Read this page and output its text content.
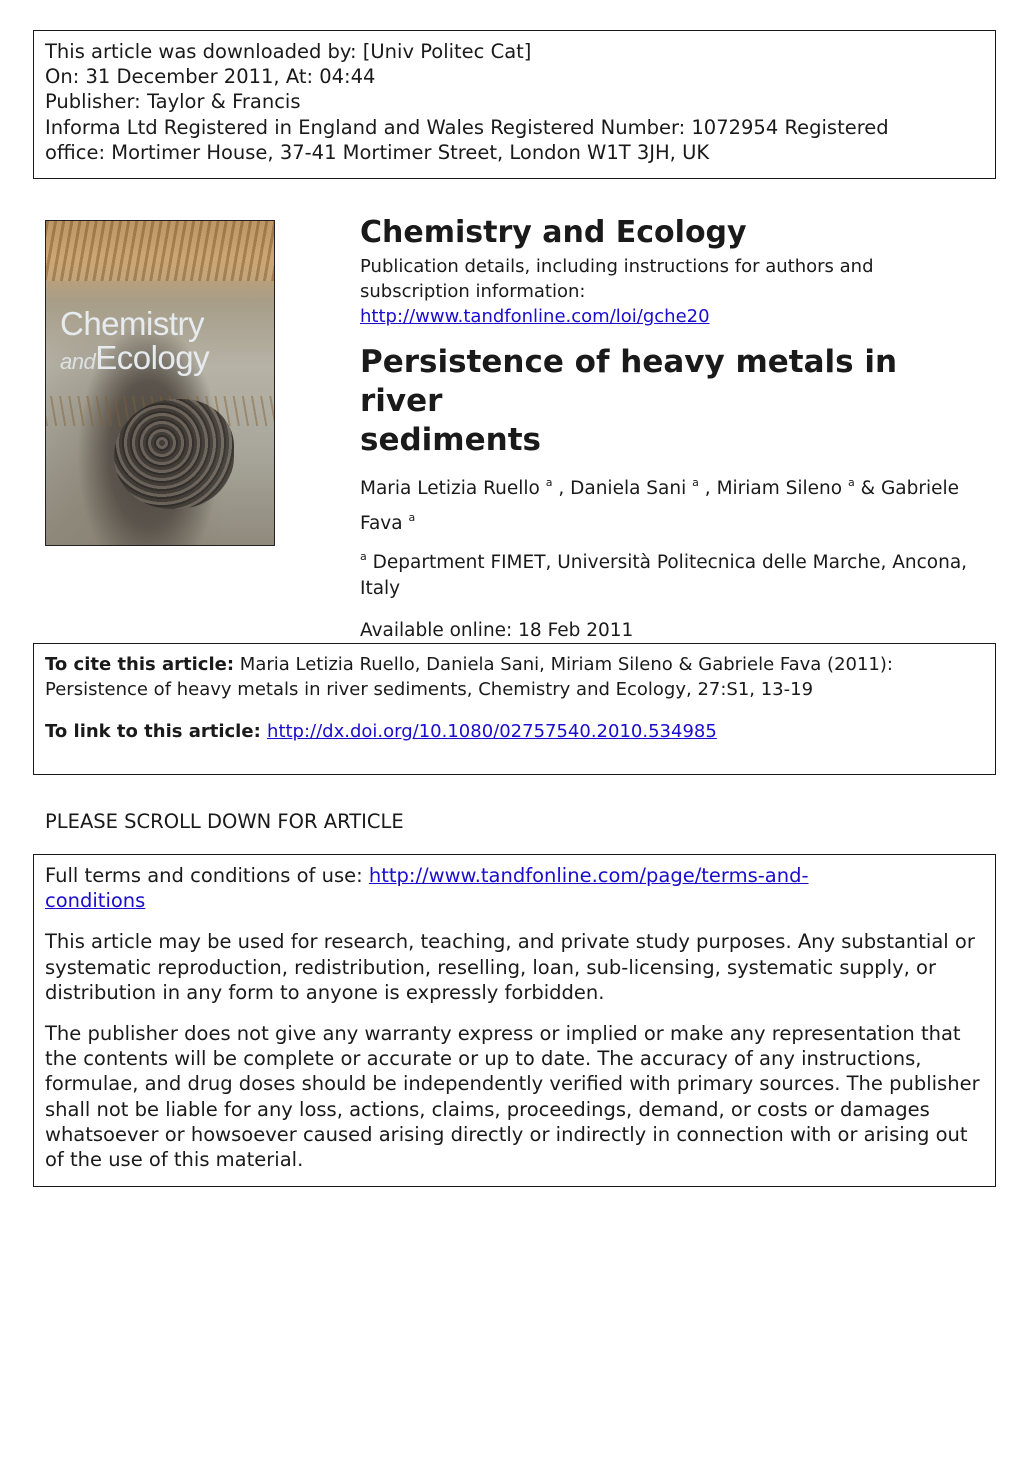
This article was downloaded by: [Univ Politec Cat]
On: 31 December 2011, At: 04:44
Publisher: Taylor & Francis
Informa Ltd Registered in England and Wales Registered Number: 1072954 Registered
office: Mortimer House, 37-41 Mortimer Street, London W1T 3JH, UK
Chemistry
andEcology
Chemistry and Ecology
Publication details, including instructions for authors and
subscription information:
http://www.tandfonline.com/loi/gche20
Persistence of heavy metals in river
sediments
Maria Letizia Ruello $^a$ , Daniela Sani $^a$ , Miriam Sileno $^a$ & Gabriele
Fava $^a$
$^a$ Department FIMET, Università Politecnica delle Marche, Ancona,
Italy
Available online: 18 Feb 2011
To cite this article: Maria Letizia Ruello, Daniela Sani, Miriam Sileno & Gabriele Fava (2011):
Persistence of heavy metals in river sediments, Chemistry and Ecology, 27:S1, 13-19
To link to this article: http://dx.doi.org/10.1080/02757540.2010.534985
PLEASE SCROLL DOWN FOR ARTICLE

Full terms and conditions of use: http://www.tandfonline.com/page/terms-and-
conditions

This article may be used for research, teaching, and private study purposes. Any substantial or systematic reproduction, redistribution, reselling, loan, sub-licensing, systematic supply, or distribution in any form to anyone is expressly forbidden.

The publisher does not give any warranty express or implied or make any representation that the contents will be complete or accurate or up to date. The accuracy of any instructions, formulae, and drug doses should be independently verified with primary sources. The publisher shall not be liable for any loss, actions, claims, proceedings, demand, or costs or damages whatsoever or howsoever caused arising directly or indirectly in connection with or arising out of the use of this material.
